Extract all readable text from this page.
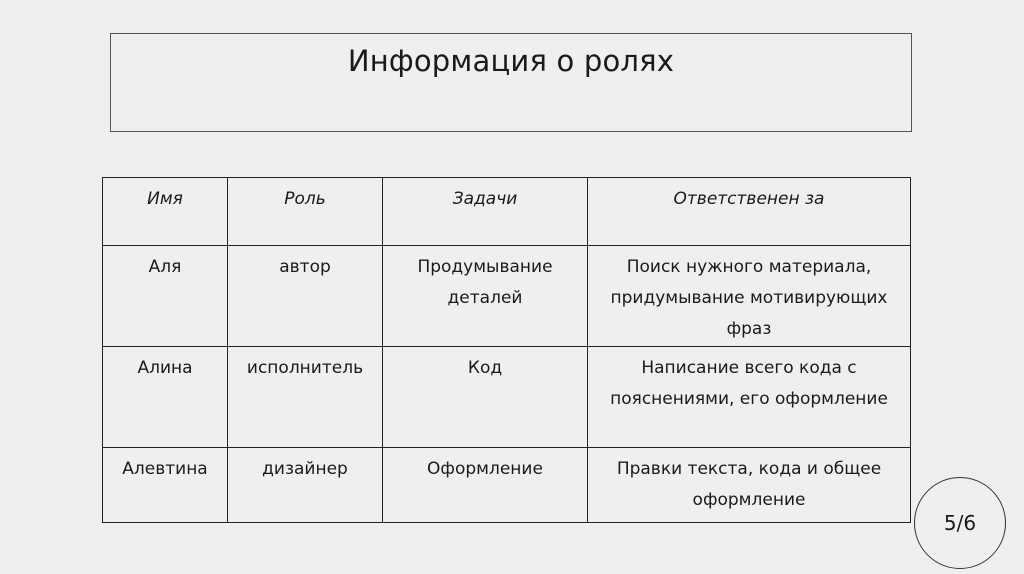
Информация о ролях
Имя	Роль	Задачи	Ответственен за
Аля	автор	Продумывание деталей	Поиск нужного материала, придумывание мотивирующих фраз
Алина	исполнитель	Код	Написание всего кода с пояснениями, его оформление
Алевтина	дизайнер	Оформление	Правки текста, кода и общее оформление
5/6
